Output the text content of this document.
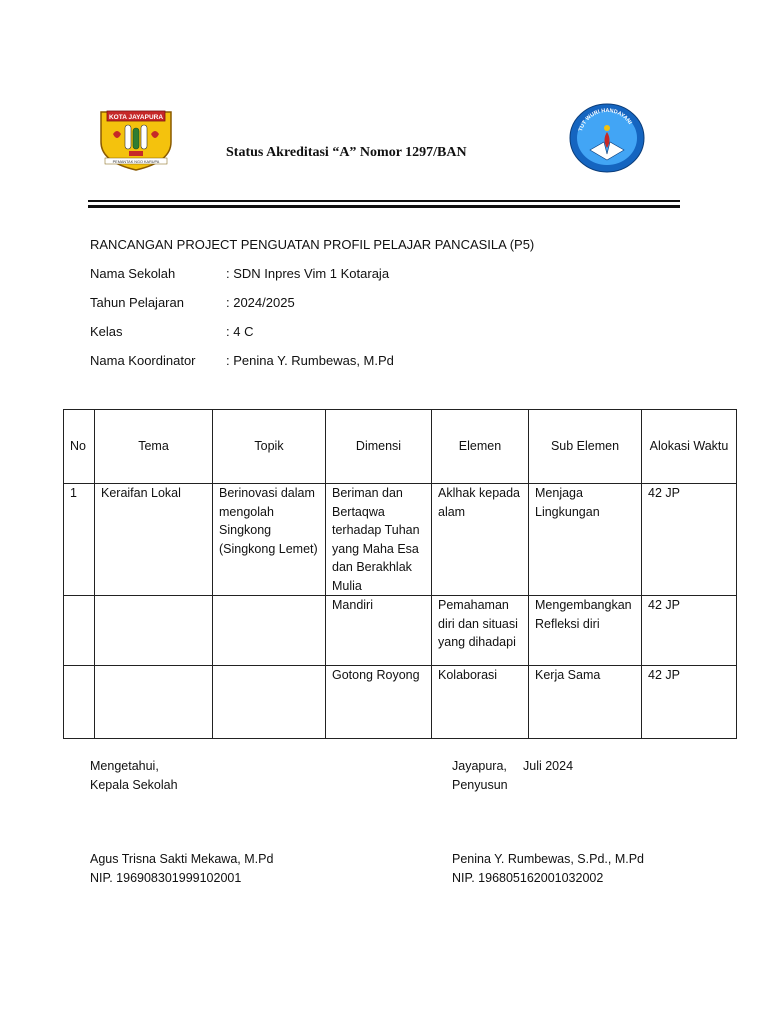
KOTA JAYAPURA
PEMANTAK NGO KARUPA
TUT WURI HANDAYANI
Status Akreditasi “A” Nomor 1297/BAN
RANCANGAN PROJECT PENGUATAN PROFIL PELAJAR PANCASILA (P5)
Nama Sekolah	: SDN Inpres Vim 1 Kotaraja
Tahun Pelajaran	: 2024/2025
Kelas	: 4 C
Nama Koordinator : Penina Y. Rumbewas, M.Pd
No	Tema	Topik	Dimensi	Elemen	Sub Elemen	Alokasi Waktu
1	Keraifan Lokal	Berinovasi dalam mengolah Singkong (Singkong Lemet)	Beriman dan Bertaqwa terhadap Tuhan yang Maha Esa dan Berakhlak Mulia	Aklhak kepada alam	Menjaga Lingkungan	42 JP
			Mandiri	Pemahaman diri dan situasi yang dihadapi	Mengembangkan Refleksi diri	42 JP
			Gotong Royong	Kolaborasi	Kerja Sama	42 JP
Mengetahui,
Kepala Sekolah
Agus Trisna Sakti Mekawa, M.Pd
NIP. 196908301999102001
Jayapura, Juli 2024
Penyusun
Penina Y. Rumbewas, S.Pd., M.Pd
NIP. 196805162001032002
